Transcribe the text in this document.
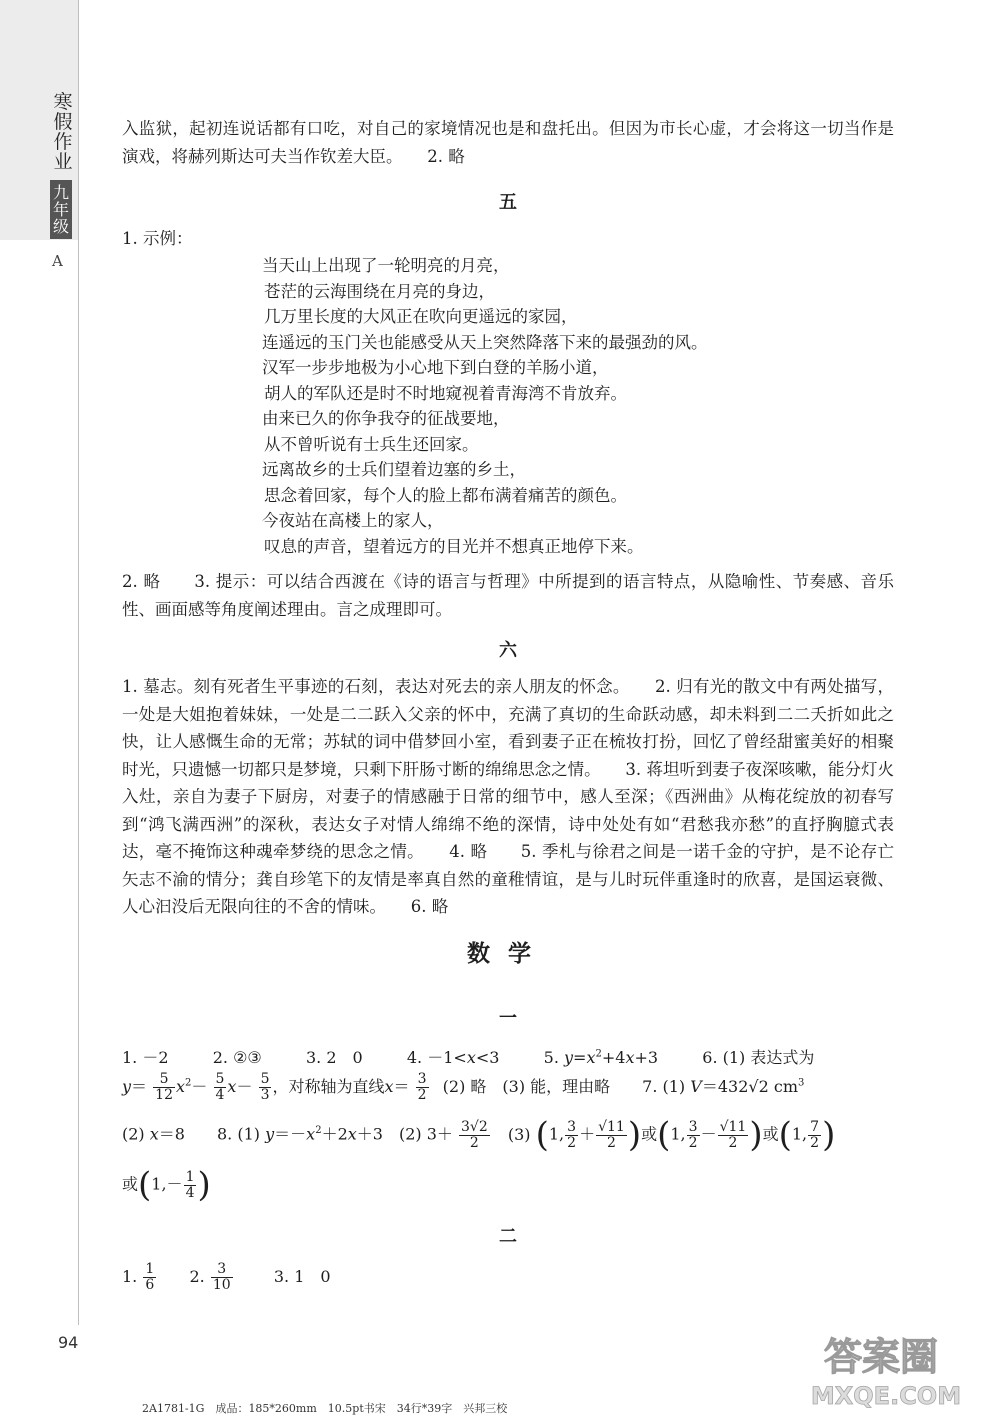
寒
假
作
业
九
年
级
A
入监狱，起初连说话都有口吃，对自己的家境情况也是和盘托出。但因为市长心虚，才会将这一切当作是演戏，将赫列斯达可夫当作钦差大臣。　　2. 略
五
1. 示例：
当天山上出现了一轮明亮的月亮，
苍茫的云海围绕在月亮的身边，
几万里长度的大风正在吹向更遥远的家园，
连遥远的玉门关也能感受从天上突然降落下来的最强劲的风。
汉军一步步地极为小心地下到白登的羊肠小道，
胡人的军队还是时不时地窥视着青海湾不肯放弃。
由来已久的你争我夺的征战要地，
从不曾听说有士兵生还回家。
远离故乡的士兵们望着边塞的乡土，
思念着回家，每个人的脸上都布满着痛苦的颜色。
今夜站在高楼上的家人，
叹息的声音，望着远方的目光并不想真正地停下来。
2. 略　　3. 提示：可以结合西渡在《诗的语言与哲理》中所提到的语言特点，从隐喻性、节奏感、音乐性、画面感等角度阐述理由。言之成理即可。
六
1. 墓志。刻有死者生平事迹的石刻，表达对死去的亲人朋友的怀念。　　2. 归有光的散文中有两处描写，一处是大姐抱着妹妹，一处是二二跃入父亲的怀中，充满了真切的生命跃动感，却未料到二二夭折如此之快，让人感慨生命的无常；苏轼的词中借梦回小室，看到妻子正在梳妆打扮，回忆了曾经甜蜜美好的相聚时光，只遗憾一切都只是梦境，只剩下肝肠寸断的绵绵思念之情。　　3. 蒋坦听到妻子夜深咳嗽，能分灯火入灶，亲自为妻子下厨房，对妻子的情感融于日常的细节中，感人至深；《西洲曲》从梅花绽放的初春写到“鸿飞满西洲”的深秋，表达女子对情人绵绵不绝的深情，诗中处处有如“君愁我亦愁”的直抒胸臆式表达，毫不掩饰这种魂牵梦绕的思念之情。　　4. 略　　5. 季札与徐君之间是一诺千金的守护，是不论存亡矢志不渝的情分；龚自珍笔下的友情是率真自然的童稚情谊，是与儿时玩伴重逢时的欣喜，是国运衰微、人心汩没后无限向往的不舍的情味。　　6. 略
数学
一
1. －2	2. ②③	3. 2　0	4. －1<x<3	5. $y=x^2+4x+3$	6. (1) 表达式为
$y= \frac{5}{12} x^2- \frac{5}{4} x- \frac{5}{3}$ ，对称轴为直线$x= \frac{3}{2} (2)$ 略　(3) 能，理由略　　7. (1) V＝432√2 $cm^3$
(2) x＝8　　8. (1) $y=-x^2+2x+3$　(2) $3+ \frac{3√2}{2} (3)$ (1, $\frac{3}{2} + \frac{√11}{2}$ )或(1, $\frac{3}{2} - \frac{√11}{2}$ )或(1, $\frac{7}{2}$ )
或($1,- \frac{1}{4}$ )
二
1. $\frac{1}{6} 2$. $\frac{3}{10}$	3. 1　0
94	答案圈
MXQE.COM
2A1781-1G　成品：185*260mm　10.5pt书宋　34行*39字　兴邦三校
